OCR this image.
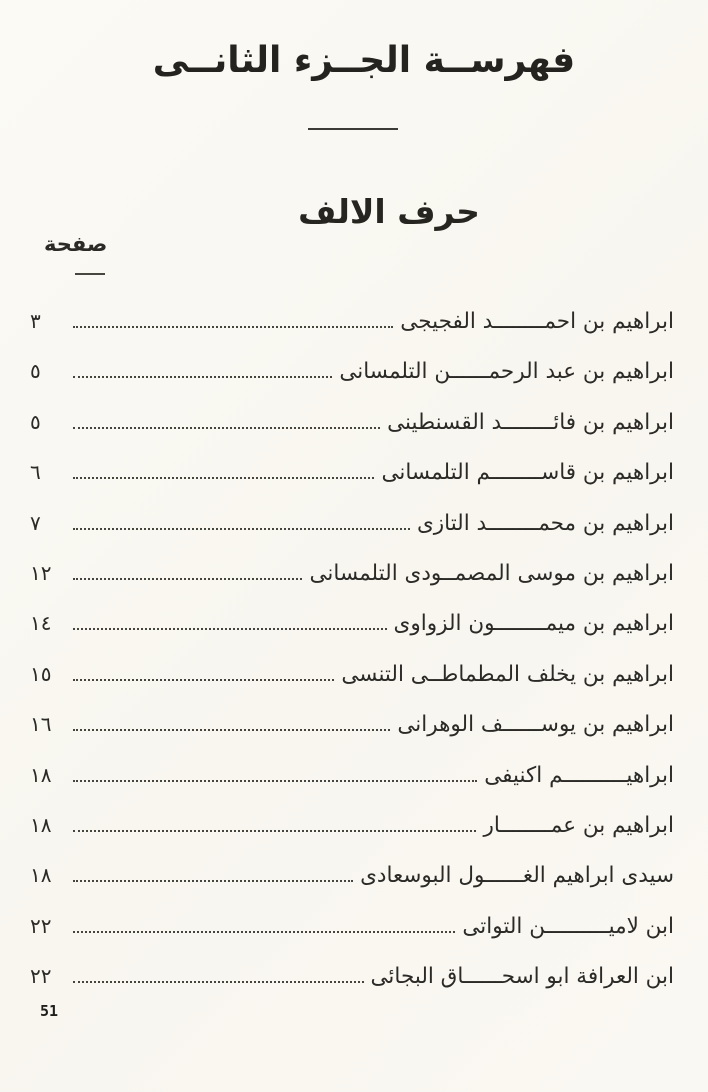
فهرســة الجــزء الثانــى
حرف الالف
صفحة
ابراهيم بن احمــــــــد الفجيجى
٣
ابراهيم بن عبد الرحمــــــن التلمسانى
٥
ابراهيم بن فائــــــــد القسنطينى
٥
ابراهيم بن قاســــــــم التلمسانى
٦
ابراهيم بن محمــــــــد التازى
٧
ابراهيم بن موسى المصمــودى التلمسانى
١٢
ابراهيم بن ميمــــــــون الزواوى
١٤
ابراهيم بن يخلف المطماطــى التنسى
١٥
ابراهيم بن يوســــــف الوهرانى
١٦
ابراهيــــــــــم اكنيفى
١٨
ابراهيم بن عمــــــــار
١٨
سيدى ابراهيم الغــــــول البوسعادى
١٨
ابن لاميــــــــــن التواتى
٢٢
ابن العرافة ابو اسحــــــاق البجائى
٢٢
51
